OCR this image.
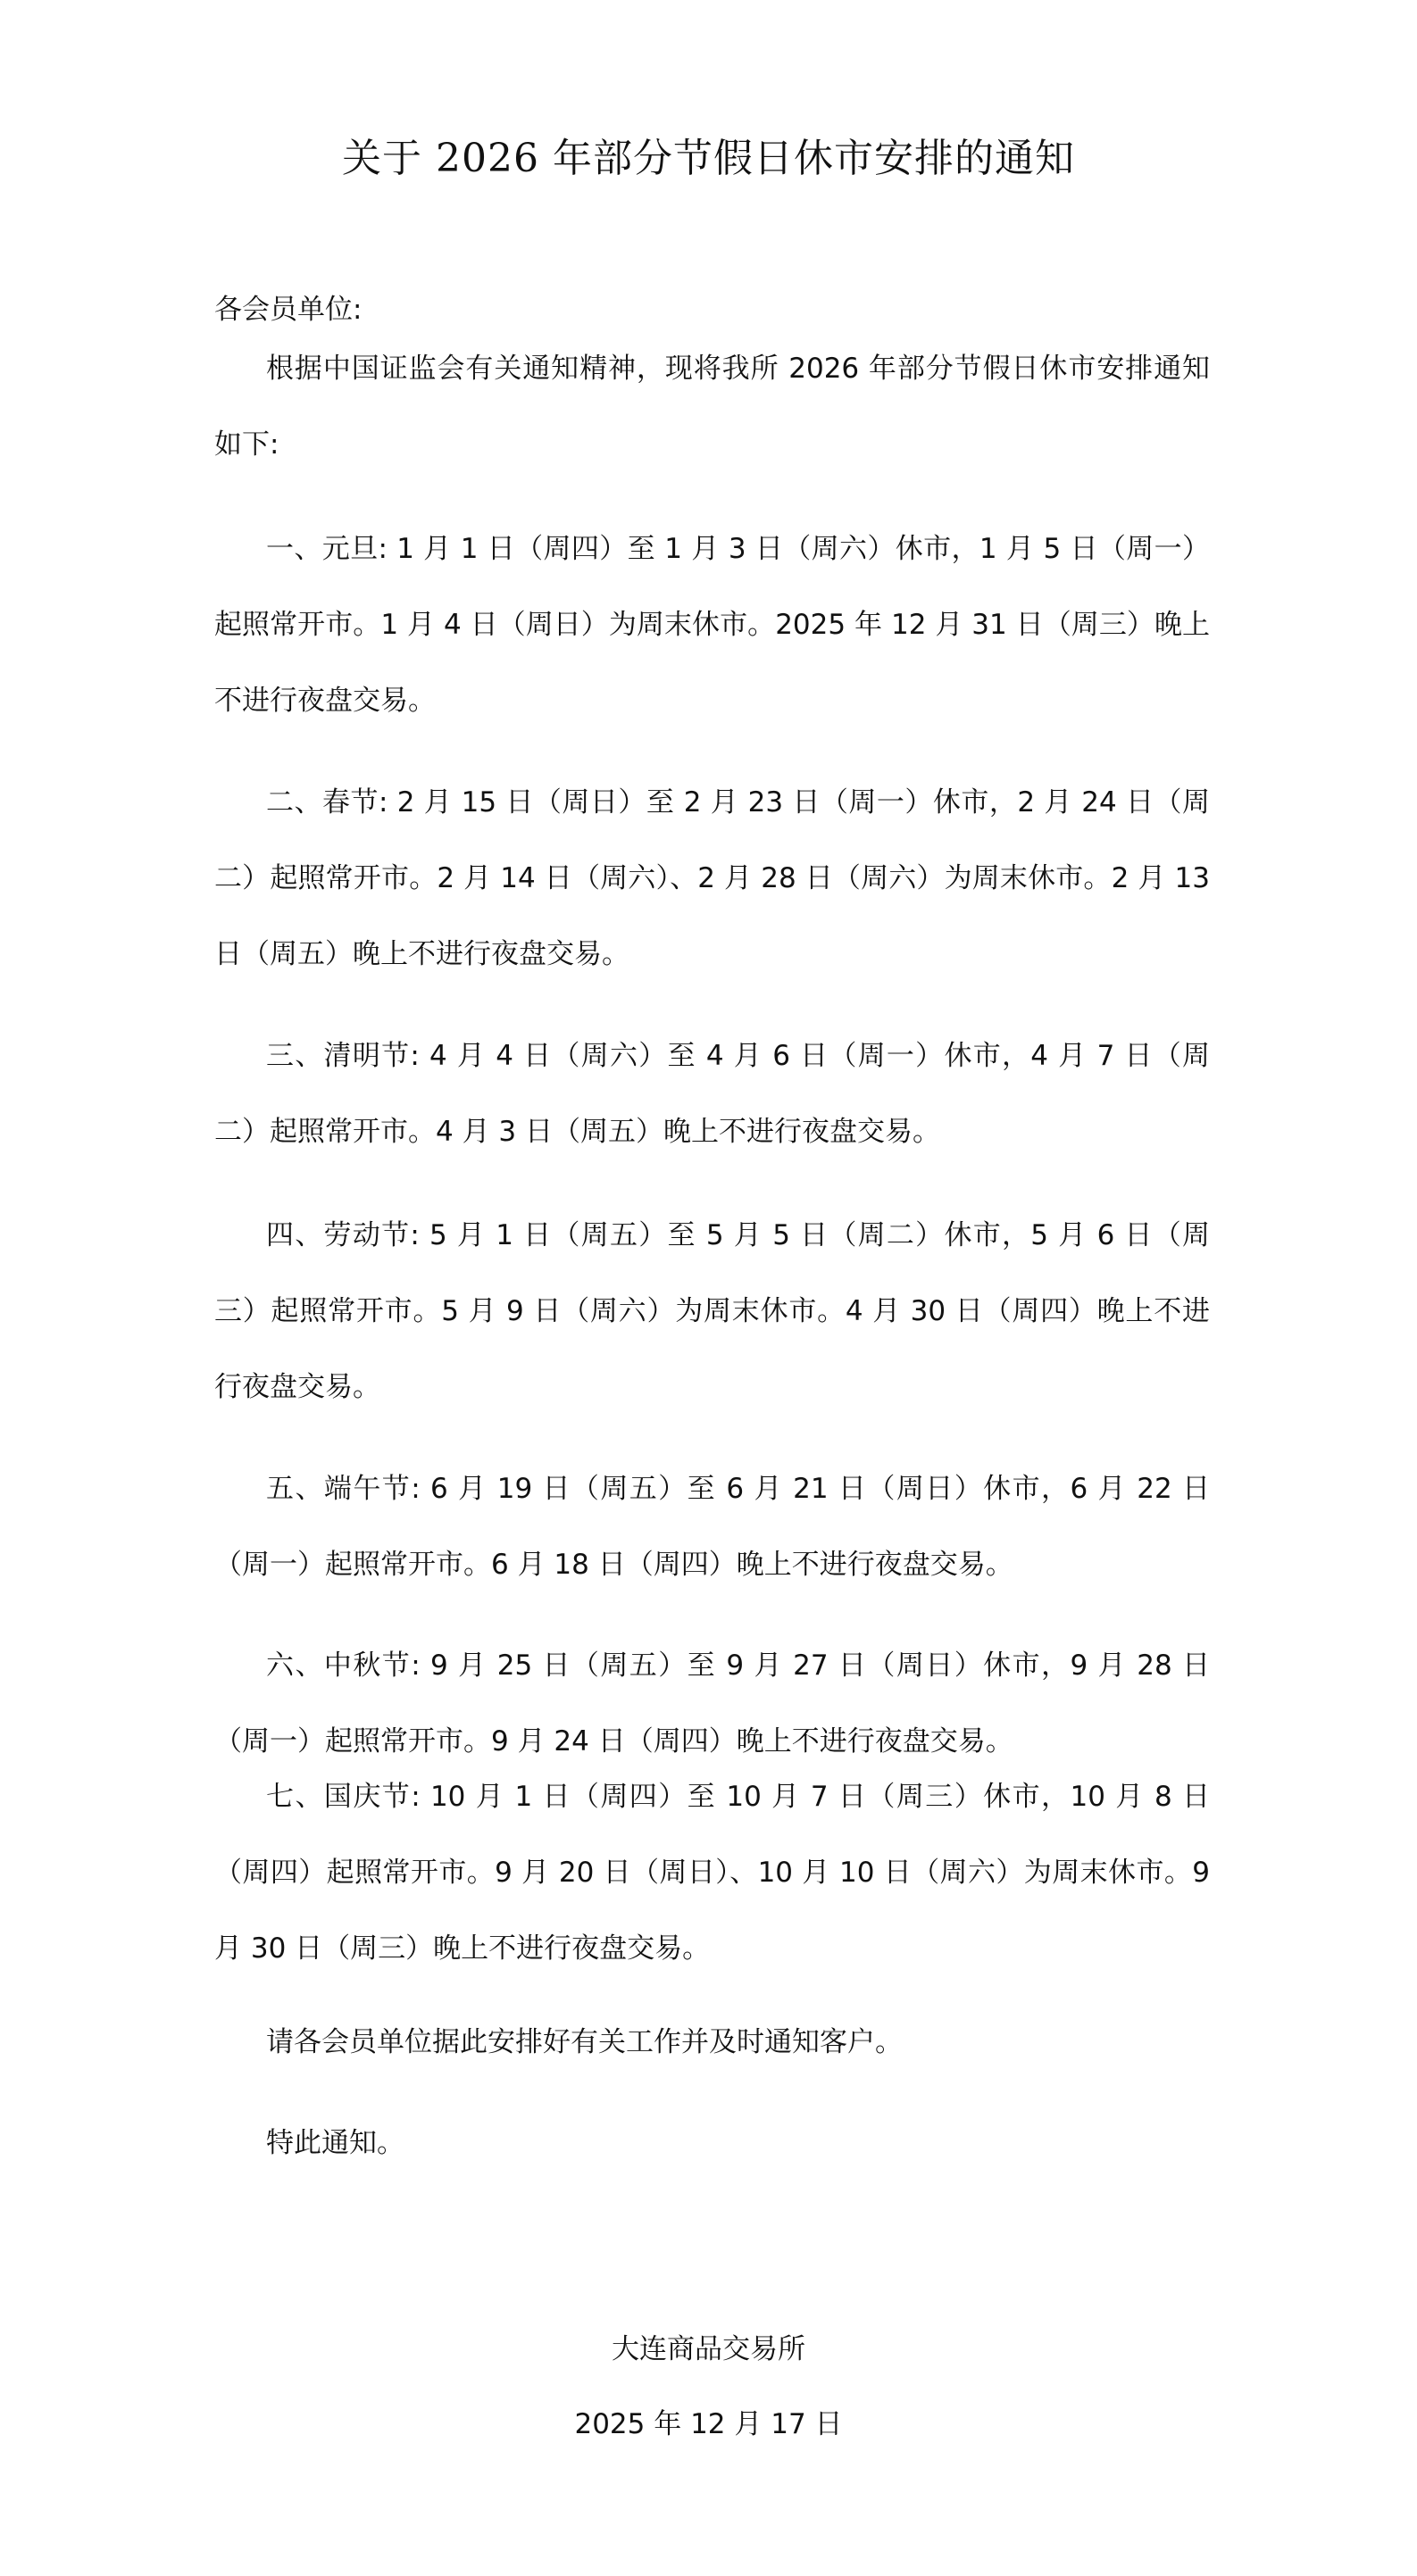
关于 2026 年部分节假日休市安排的通知

各会员单位:

根据中国证监会有关通知精神，现将我所 2026 年部分节假日休市安排通知如下:

一、元旦: 1 月 1 日（周四）至 1 月 3 日（周六）休市，1 月 5 日（周一）起照常开市。1 月 4 日（周日）为周末休市。2025 年 12 月 31 日（周三）晚上不进行夜盘交易。

二、春节: 2 月 15 日（周日）至 2 月 23 日（周一）休市，2 月 24 日（周二）起照常开市。2 月 14 日（周六）、2 月 28 日（周六）为周末休市。2 月 13 日（周五）晚上不进行夜盘交易。

三、清明节: 4 月 4 日（周六）至 4 月 6 日（周一）休市，4 月 7 日（周二）起照常开市。4 月 3 日（周五）晚上不进行夜盘交易。

四、劳动节: 5 月 1 日（周五）至 5 月 5 日（周二）休市，5 月 6 日（周三）起照常开市。5 月 9 日（周六）为周末休市。4 月 30 日（周四）晚上不进行夜盘交易。

五、端午节: 6 月 19 日（周五）至 6 月 21 日（周日）休市，6 月 22 日（周一）起照常开市。6 月 18 日（周四）晚上不进行夜盘交易。

六、中秋节: 9 月 25 日（周五）至 9 月 27 日（周日）休市，9 月 28 日（周一）起照常开市。9 月 24 日（周四）晚上不进行夜盘交易。

七、国庆节: 10 月 1 日（周四）至 10 月 7 日（周三）休市，10 月 8 日（周四）起照常开市。9 月 20 日（周日）、10 月 10 日（周六）为周末休市。9 月 30 日（周三）晚上不进行夜盘交易。

请各会员单位据此安排好有关工作并及时通知客户。

特此通知。

大连商品交易所

2025 年 12 月 17 日
